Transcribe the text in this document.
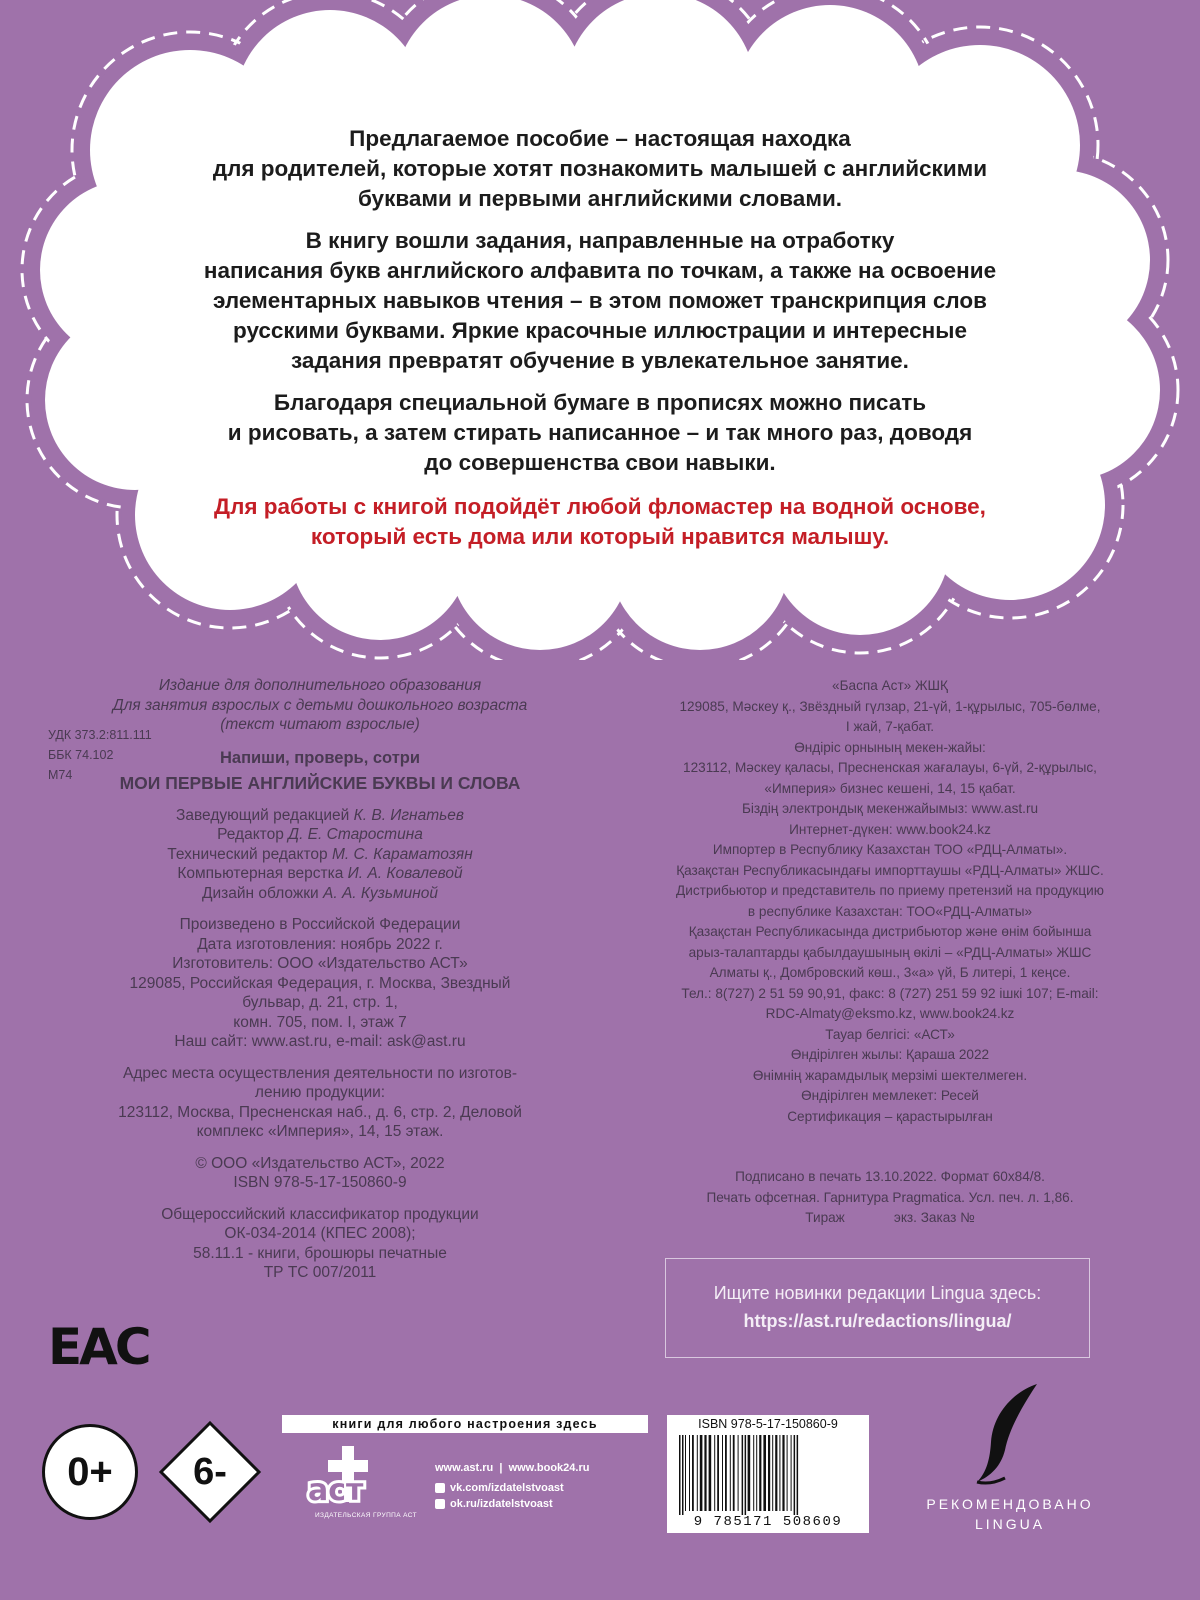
Предлагаемое пособие – настоящая находка
для родителей, которые хотят познакомить малышей с английскими
буквами и первыми английскими словами.

В книгу вошли задания, направленные на отработку
написания букв английского алфавита по точкам, а также на освоение
элементарных навыков чтения – в этом поможет транскрипция слов
русскими буквами. Яркие красочные иллюстрации и интересные
задания превратят обучение в увлекательное занятие.

Благодаря специальной бумаге в прописях можно писать
и рисовать, а затем стирать написанное – и так много раз, доводя
до совершенства свои навыки.

Для работы с книгой подойдёт любой фломастер на водной основе,
который есть дома или который нравится малышу.

Издание для дополнительного образования
Для занятия взрослых с детьми дошкольного возраста
(текст читают взрослые)
УДК 373.2:811.111
ББК 74.102
М74
Напиши, проверь, сотри
МОИ ПЕРВЫЕ АНГЛИЙСКИЕ БУКВЫ И СЛОВА
Заведующий редакцией К. В. Игнатьев
Редактор Д. Е. Старостина
Технический редактор М. С. Караматозян
Компьютерная верстка И. А. Ковалевой
Дизайн обложки А. А. Кузьминой
Произведено в Российской Федерации
Дата изготовления: ноябрь 2022 г.
Изготовитель: ООО «Издательство АСТ»
129085, Российская Федерация, г. Москва, Звездный
бульвар, д. 21, стр. 1,
комн. 705, пом. I, этаж 7
Наш сайт: www.ast.ru, e-mail: ask@ast.ru
Адрес места осуществления деятельности по изготов-
лению продукции:
123112, Москва, Пресненская наб., д. 6, стр. 2, Деловой
комплекс «Империя», 14, 15 этаж.
© ООО «Издательство АСТ», 2022
ISBN 978-5-17-150860-9
Общероссийский классификатор продукции
ОК-034-2014 (КПЕС 2008);
58.11.1 - книги, брошюры печатные
ТР ТС 007/2011
«Баспа Аст» ЖШҚ
129085, Мәскеу қ., Звёздный гүлзар, 21-үй, 1-құрылыс, 705-бөлме,
I жай, 7-қабат.
Өндіріс орнының мекен-жайы:
123112, Мәскеу қаласы, Пресненская жағалауы, 6-үй, 2-құрылыс,
«Империя» бизнес кешені, 14, 15 қабат.
Біздің электрондық мекенжайымыз: www.ast.ru
Интернет-дүкен: www.book24.kz
Импортер в Республику Казахстан ТОО «РДЦ-Алматы».
Қазақстан Республикасындағы импорттаушы «РДЦ-Алматы» ЖШС.
Дистрибьютор и представитель по приему претензий на продукцию
в республике Казахстан: ТОО«РДЦ-Алматы»
Қазақстан Республикасында дистрибьютор және өнім бойынша
арыз-талаптарды қабылдаушының өкілі – «РДЦ-Алматы» ЖШС
Алматы қ., Домбровский көш., 3«а» үй, Б литері, 1 кеңсе.
Тел.: 8(727) 2 51 59 90,91, факс: 8 (727) 251 59 92 ішкі 107; E-mail:
RDC-Almaty@eksmo.kz, www.book24.kz
Тауар белгісі: «АСТ»
Өндірілген жылы: Қараша 2022
Өнімнің жарамдылық мерзімі шектелмеген.
Өндірілген мемлекет: Ресей
Сертификация – қарастырылған
Подписано в печать 13.10.2022. Формат 60х84/8.
Печать офсетная. Гарнитура Pragmatica. Усл. печ. л. 1,86.
Тираж             экз. Заказ №
Ищите новинки редакции Lingua здесь:
https://ast.ru/redactions/lingua/
EAC
0+	6-
книги для любого настроения здесь
аст
ИЗДАТЕЛЬСКАЯ ГРУППА АСТ
www.ast.ru  |  www.book24.ru
vk.com/izdatelstvoast
ok.ru/izdatelstvoast
ISBN 978-5-17-150860-9
9 785171 508609
РЕКОМЕНДОВАНО
LINGUA
